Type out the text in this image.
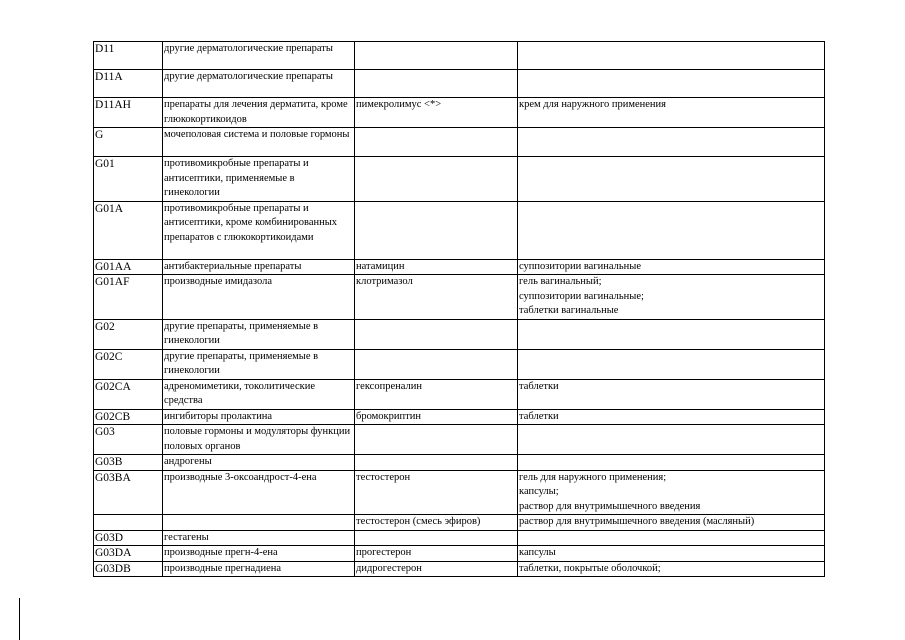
D11	другие дерматологические препараты		
D11A	другие дерматологические препараты		
D11AH	препараты для лечения дерматита, кроме глюкокортикоидов	пимекролимус <*>	крем для наружного применения
G	мочеполовая система и половые гормоны		
G01	противомикробные препараты и антисептики, применяемые в гинекологии		
G01A	противомикробные препараты и антисептики, кроме комбинированных препаратов с глюкокортикоидами		
G01AA	антибактериальные препараты	натамицин	суппозитории вагинальные
G01AF	производные имидазола	клотримазол	гель вагинальный;
суппозитории вагинальные;
таблетки вагинальные
G02	другие препараты, применяемые в гинекологии		
G02C	другие препараты, применяемые в гинекологии		
G02CA	адреномиметики, токолитические средства	гексопреналин	таблетки
G02CB	ингибиторы пролактина	бромокриптин	таблетки
G03	половые гормоны и модуляторы функции половых органов		
G03B	андрогены		
G03BA	производные 3-оксоандрост-4-ена	тестостерон	гель для наружного применения;
капсулы;
раствор для внутримышечного введения
		тестостерон (смесь эфиров)	раствор для внутримышечного введения (масляный)
G03D	гестагены		
G03DA	производные прегн-4-ена	прогестерон	капсулы
G03DB	производные прегнадиена	дидрогестерон	таблетки, покрытые оболочкой;
